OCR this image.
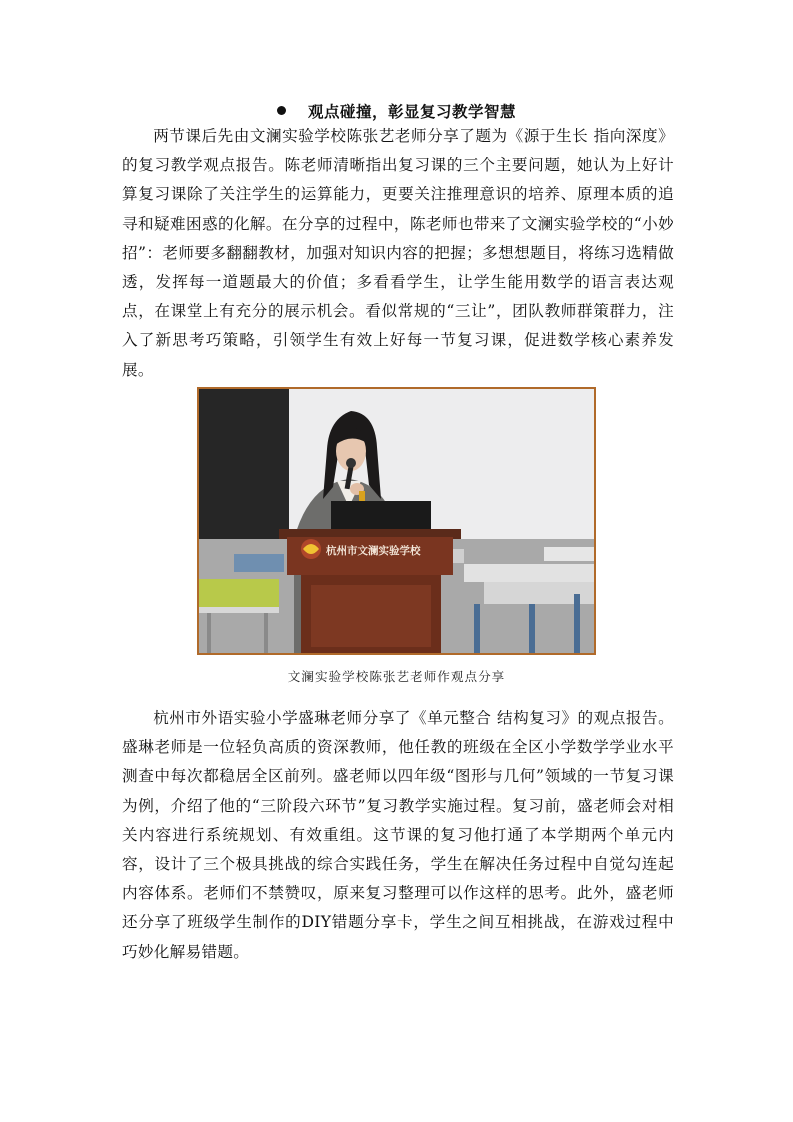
观点碰撞，彰显复习教学智慧

两节课后先由文澜实验学校陈张艺老师分享了题为《源于生长 指向深度》的复习教学观点报告。陈老师清晰指出复习课的三个主要问题，她认为上好计算复习课除了关注学生的运算能力，更要关注推理意识的培养、原理本质的追寻和疑难困惑的化解。在分享的过程中，陈老师也带来了文澜实验学校的“小妙招”：老师要多翻翻教材，加强对知识内容的把握；多想想题目，将练习选精做透，发挥每一道题最大的价值；多看看学生，让学生能用数学的语言表达观点，在课堂上有充分的展示机会。看似常规的“三让”，团队教师群策群力，注入了新思考巧策略，引领学生有效上好每一节复习课，促进数学核心素养发展。

杭州市文澜实验学校
文澜实验学校陈张艺老师作观点分享

杭州市外语实验小学盛琳老师分享了《单元整合 结构复习》的观点报告。盛琳老师是一位轻负高质的资深教师，他任教的班级在全区小学数学学业水平测查中每次都稳居全区前列。盛老师以四年级“图形与几何”领域的一节复习课为例，介绍了他的“三阶段六环节”复习教学实施过程。复习前，盛老师会对相关内容进行系统规划、有效重组。这节课的复习他打通了本学期两个单元内容，设计了三个极具挑战的综合实践任务，学生在解决任务过程中自觉勾连起内容体系。老师们不禁赞叹，原来复习整理可以作这样的思考。此外，盛老师还分享了班级学生制作的DIY错题分享卡，学生之间互相挑战，在游戏过程中巧妙化解易错题。
